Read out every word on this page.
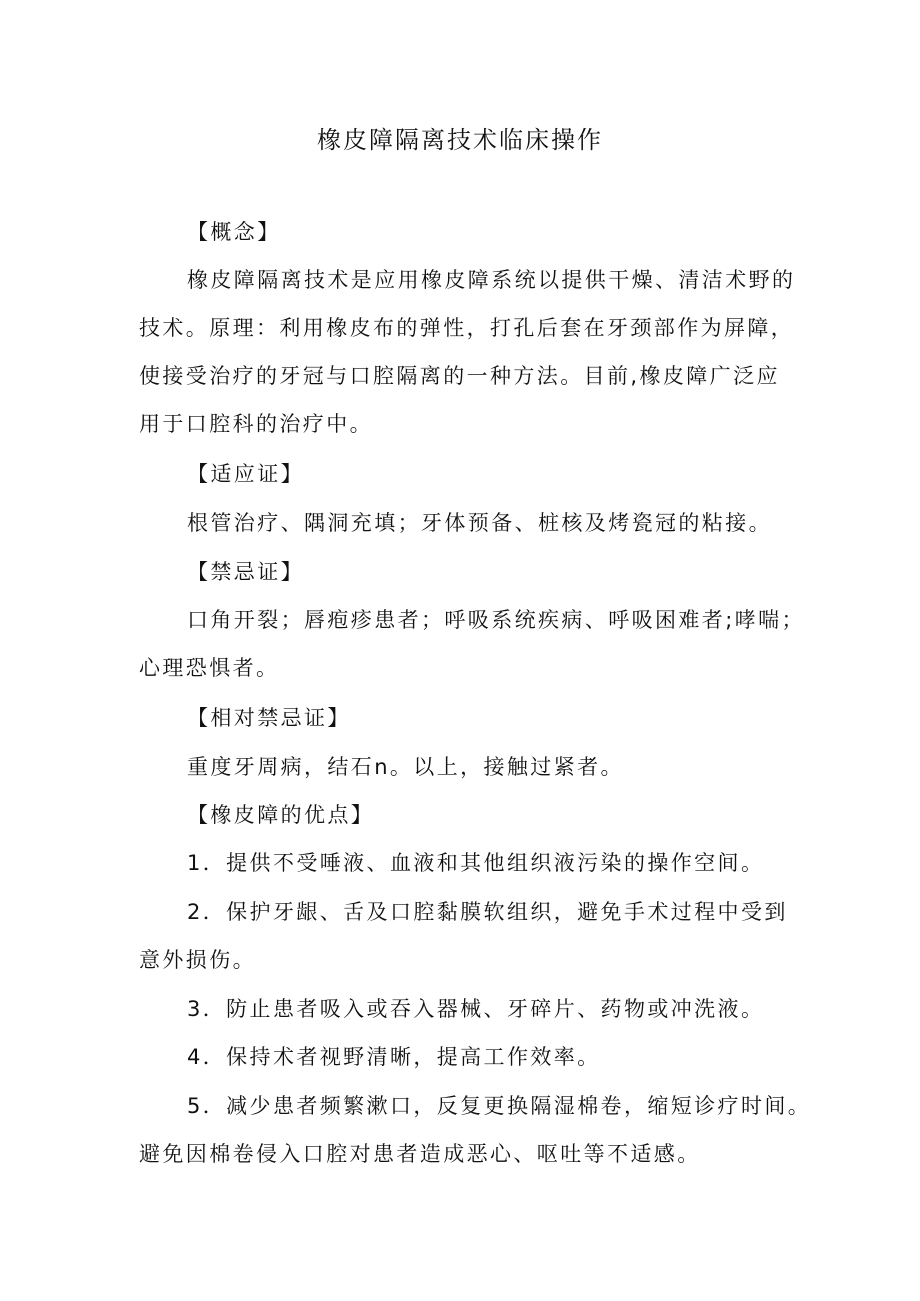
橡皮障隔离技术临床操作
【概念】
橡皮障隔离技术是应用橡皮障系统以提供干燥、清洁术野的
技术。原理：利用橡皮布的弹性，打孔后套在牙颈部作为屏障，
使接受治疗的牙冠与口腔隔离的一种方法。目前,橡皮障广泛应
用于口腔科的治疗中。
【适应证】
根管治疗、隅洞充填；牙体预备、桩核及烤瓷冠的粘接。
【禁忌证】
口角开裂；唇疱疹患者；呼吸系统疾病、呼吸困难者;哮喘；
心理恐惧者。
【相对禁忌证】
重度牙周病，结石n。以上，接触过紧者。
【橡皮障的优点】
1．提供不受唾液、血液和其他组织液污染的操作空间。
2．保护牙龈、舌及口腔黏膜软组织，避免手术过程中受到
意外损伤。
3．防止患者吸入或吞入器械、牙碎片、药物或冲洗液。
4．保持术者视野清晰，提高工作效率。
5．减少患者频繁漱口，反复更换隔湿棉卷，缩短诊疗时间。
避免因棉卷侵入口腔对患者造成恶心、呕吐等不适感。
